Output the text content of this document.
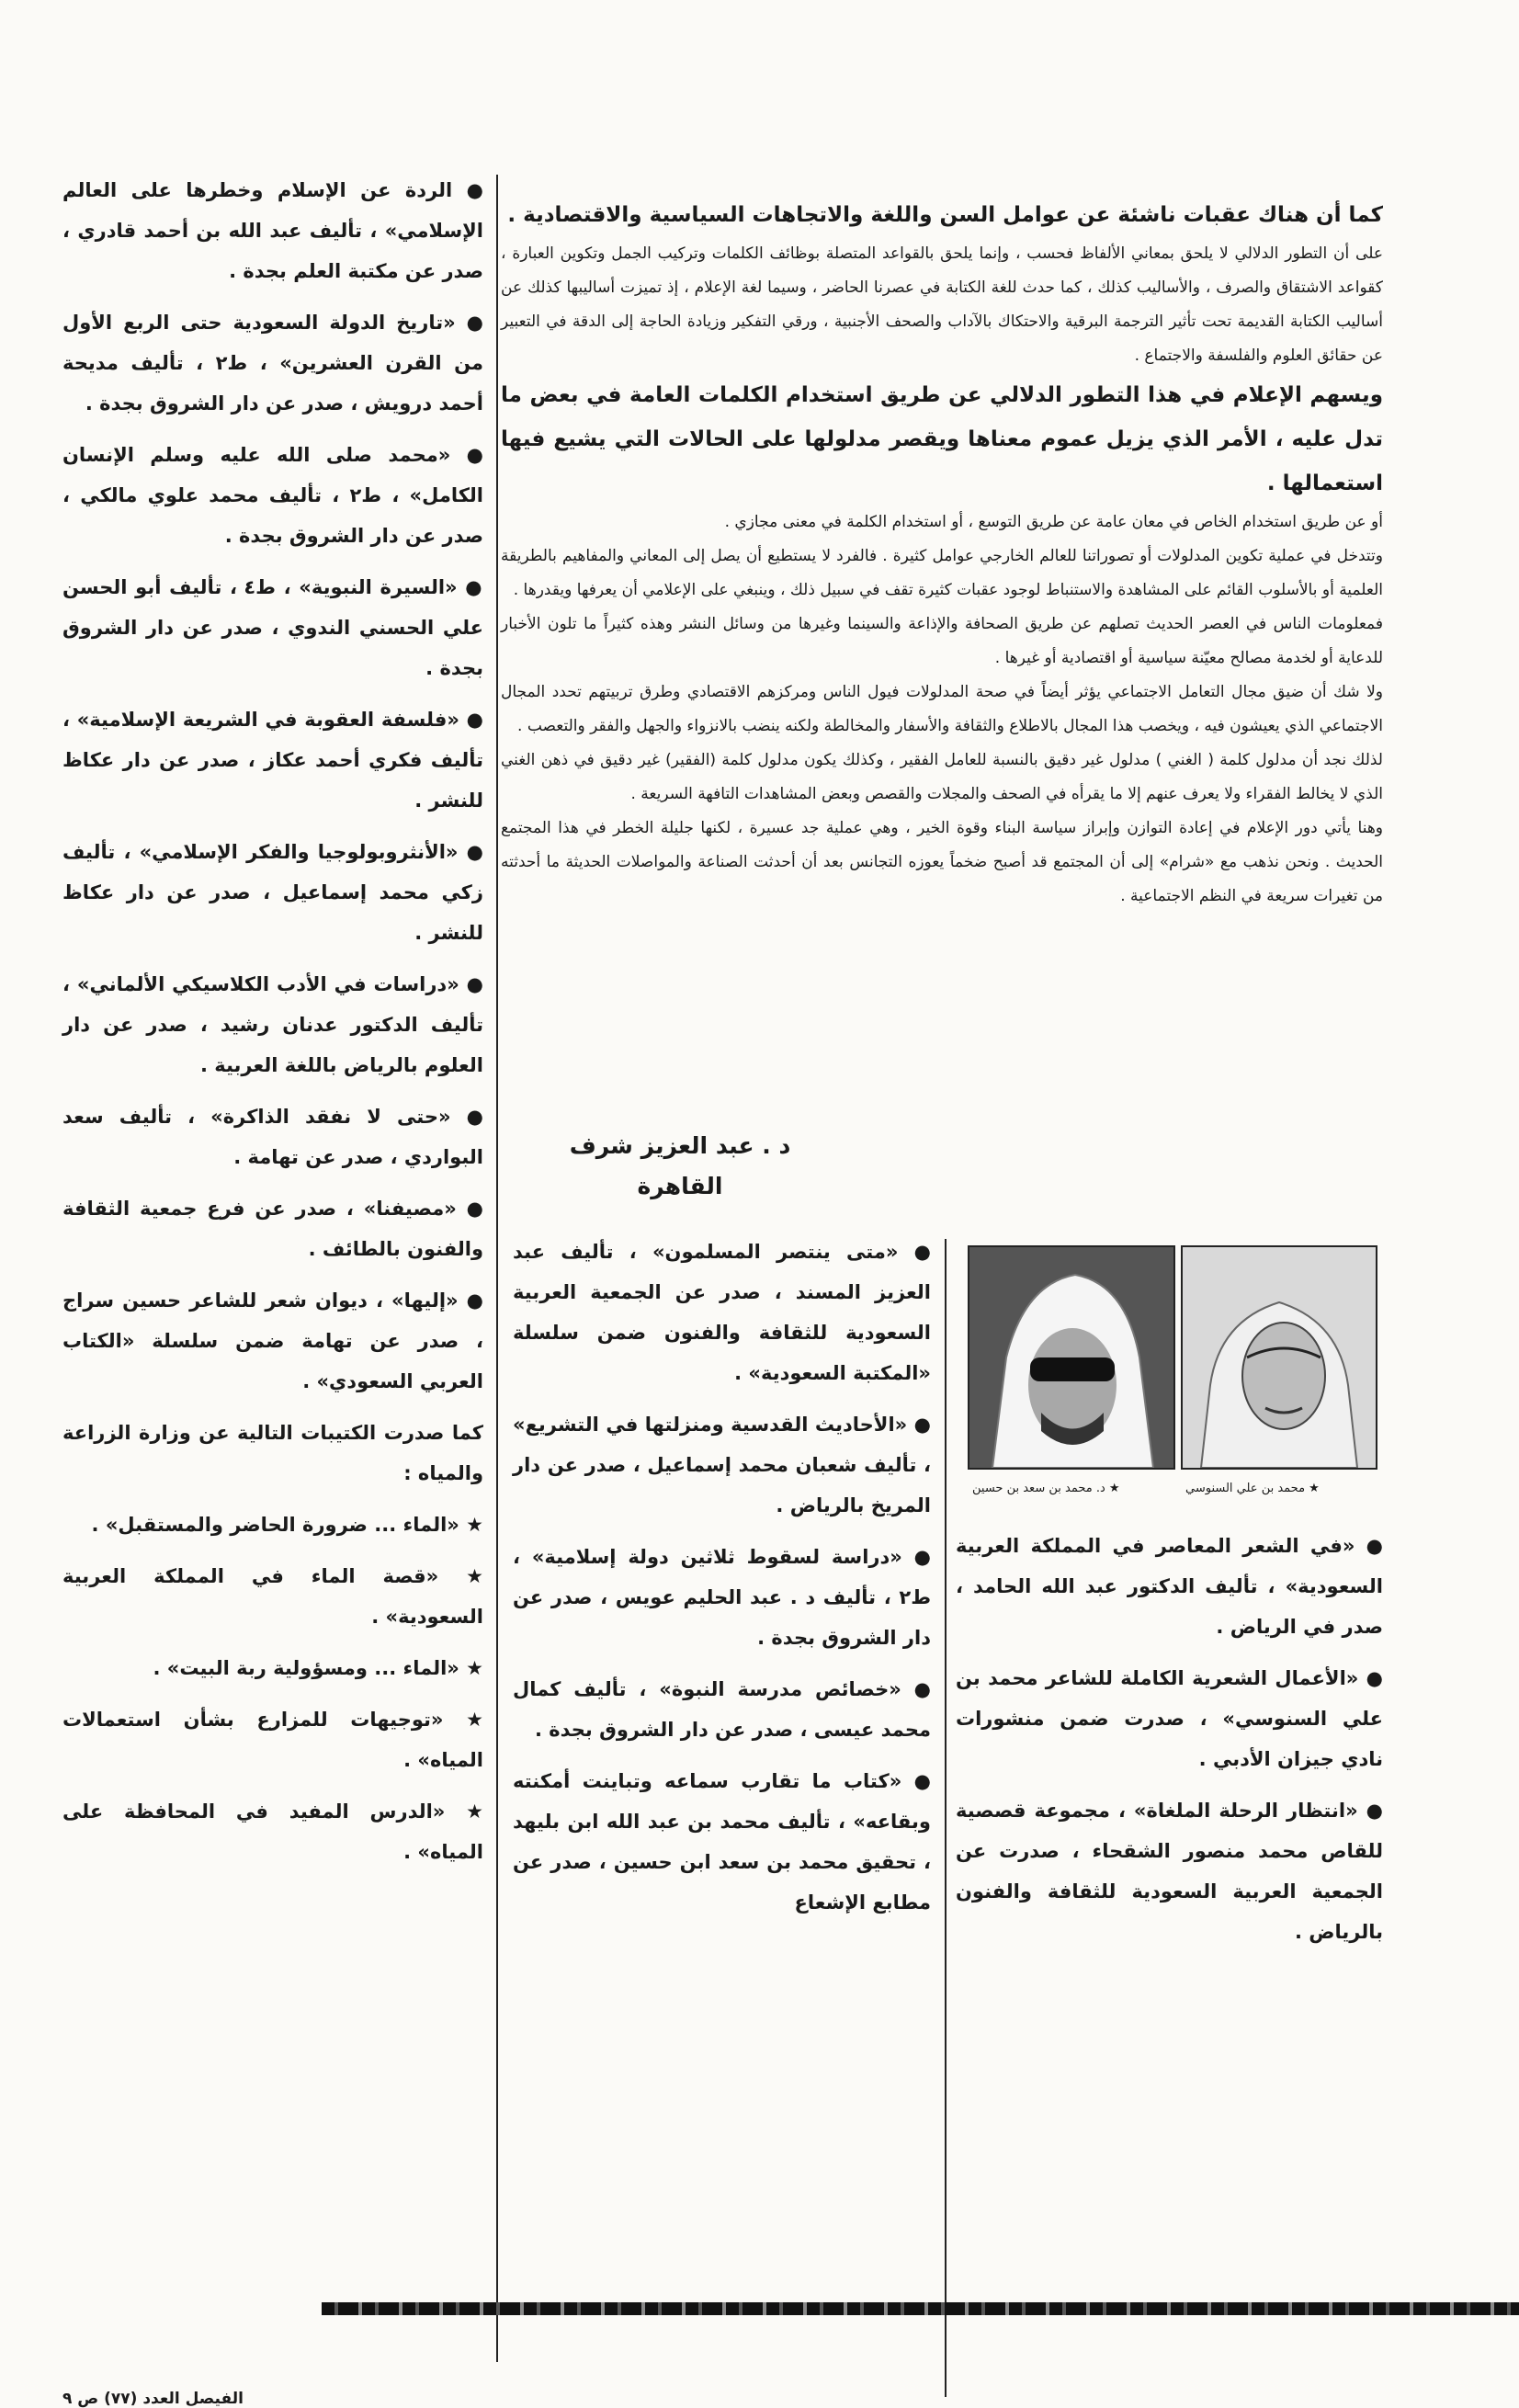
كما أن هناك عقبات ناشئة عن عوامل السن واللغة والاتجاهات السياسية والاقتصادية .

على أن التطور الدلالي لا يلحق بمعاني الألفاظ فحسب ، وإنما يلحق بالقواعد المتصلة بوظائف الكلمات وتركيب الجمل وتكوين العبارة ، كقواعد الاشتقاق والصرف ، والأساليب كذلك ، كما حدث للغة الكتابة في عصرنا الحاضر ، وسيما لغة الإعلام ، إذ تميزت أساليبها كذلك عن أساليب الكتابة القديمة تحت تأثير الترجمة البرقية والاحتكاك بالآداب والصحف الأجنبية ، ورقي التفكير وزيادة الحاجة إلى الدقة في التعبير عن حقائق العلوم والفلسفة والاجتماع .

ويسهم الإعلام في هذا التطور الدلالي عن طريق استخدام الكلمات العامة في بعض ما تدل عليه ، الأمر الذي يزيل عموم معناها ويقصر مدلولها على الحالات التي يشيع فيها استعمالها .

أو عن طريق استخدام الخاص في معان عامة عن طريق التوسع ، أو استخدام الكلمة في معنى مجازي .

وتتدخل في عملية تكوين المدلولات أو تصوراتنا للعالم الخارجي عوامل كثيرة . فالفرد لا يستطيع أن يصل إلى المعاني والمفاهيم بالطريقة العلمية أو بالأسلوب القائم على المشاهدة والاستنباط لوجود عقبات كثيرة تقف في سبيل ذلك ، وينبغي على الإعلامي أن يعرفها ويقدرها .

فمعلومات الناس في العصر الحديث تصلهم عن طريق الصحافة والإذاعة والسينما وغيرها من وسائل النشر وهذه كثيراً ما تلون الأخبار للدعاية أو لخدمة مصالح معيّنة سياسية أو اقتصادية أو غيرها .

ولا شك أن ضيق مجال التعامل الاجتماعي يؤثر أيضاً في صحة المدلولات فيول الناس ومركزهم الاقتصادي وطرق تربيتهم تحدد المجال الاجتماعي الذي يعيشون فيه ، ويخصب هذا المجال بالاطلاع والثقافة والأسفار والمخالطة ولكنه ينضب بالانزواء والجهل والفقر والتعصب .

لذلك نجد أن مدلول كلمة ( الغني ) مدلول غير دقيق بالنسبة للعامل الفقير ، وكذلك يكون مدلول كلمة (الفقير) غير دقيق في ذهن الغني الذي لا يخالط الفقراء ولا يعرف عنهم إلا ما يقرأه في الصحف والمجلات والقصص وبعض المشاهدات التافهة السريعة .

وهنا يأتي دور الإعلام في إعادة التوازن وإبراز سياسة البناء وقوة الخير ، وهي عملية جد عسيرة ، لكنها جليلة الخطر في هذا المجتمع الحديث . ونحن نذهب مع «شرام» إلى أن المجتمع قد أصبح ضخماً يعوزه التجانس بعد أن أحدثت الصناعة والمواصلات الحديثة ما أحدثته من تغيرات سريعة في النظم الاجتماعية .

د . عبد العزيز شرف

القاهرة

★ محمد بن علي السنوسي
★ د. محمد بن سعد بن حسين

● «في الشعر المعاصر في المملكة العربية السعودية» ، تأليف الدكتور عبد الله الحامد ، صدر في الرياض .

● «الأعمال الشعرية الكاملة للشاعر محمد بن علي السنوسي» ، صدرت ضمن منشورات نادي جيزان الأدبي .

● «انتظار الرحلة الملغاة» ، مجموعة قصصية للقاص محمد منصور الشقحاء ، صدرت عن الجمعية العربية السعودية للثقافة والفنون بالرياض .

● «متى ينتصر المسلمون» ، تأليف عبد العزيز المسند ، صدر عن الجمعية العربية السعودية للثقافة والفنون ضمن سلسلة «المكتبة السعودية» .

● «الأحاديث القدسية ومنزلتها في التشريع» ، تأليف شعبان محمد إسماعيل ، صدر عن دار المريخ بالرياض .

● «دراسة لسقوط ثلاثين دولة إسلامية» ، ط٢ ، تأليف د . عبد الحليم عويس ، صدر عن دار الشروق بجدة .

● «خصائص مدرسة النبوة» ، تأليف كمال محمد عيسى ، صدر عن دار الشروق بجدة .

● «كتاب ما تقارب سماعه وتباينت أمكنته وبقاعه» ، تأليف محمد بن عبد الله ابن بليهد ، تحقيق محمد بن سعد ابن حسين ، صدر عن مطابع الإشعاع

● الردة عن الإسلام وخطرها على العالم الإسلامي» ، تأليف عبد الله بن أحمد قادري ، صدر عن مكتبة العلم بجدة .

● «تاريخ الدولة السعودية حتى الربع الأول من القرن العشرين» ، ط٢ ، تأليف مديحة أحمد درويش ، صدر عن دار الشروق بجدة .

● «محمد صلى الله عليه وسلم الإنسان الكامل» ، ط٢ ، تأليف محمد علوي مالكي ، صدر عن دار الشروق بجدة .

● «السيرة النبوية» ، ط٤ ، تأليف أبو الحسن علي الحسني الندوي ، صدر عن دار الشروق بجدة .

● «فلسفة العقوبة في الشريعة الإسلامية» ، تأليف فكري أحمد عكاز ، صدر عن دار عكاظ للنشر .

● «الأنثروبولوجيا والفكر الإسلامي» ، تأليف زكي محمد إسماعيل ، صدر عن دار عكاظ للنشر .

● «دراسات في الأدب الكلاسيكي الألماني» ، تأليف الدكتور عدنان رشيد ، صدر عن دار العلوم بالرياض باللغة العربية .

● «حتى لا نفقد الذاكرة» ، تأليف سعد البواردي ، صدر عن تهامة .

● «مصيفنا» ، صدر عن فرع جمعية الثقافة والفنون بالطائف .

● «إليها» ، ديوان شعر للشاعر حسين سراج ، صدر عن تهامة ضمن سلسلة «الكتاب العربي السعودي» .

كما صدرت الكتيبات التالية عن وزارة الزراعة والمياه :

★ «الماء ... ضرورة الحاضر والمستقبل» .

★ «قصة الماء في المملكة العربية السعودية» .

★ «الماء ... ومسؤولية ربة البيت» .

★ «توجيهات للمزارع بشأن استعمالات المياه» .

★ «الدرس المفيد في المحافظة على المياه» .

الفيصل العدد (٧٧) ص ٩
